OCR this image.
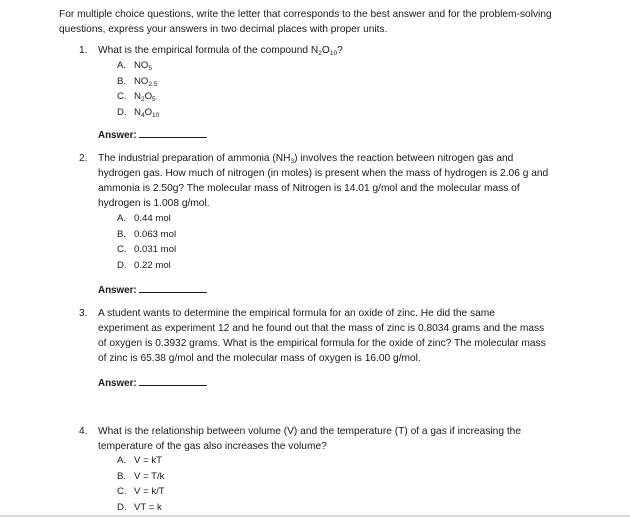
For multiple choice questions, write the letter that corresponds to the best answer and for the problem-solving questions, express your answers in two decimal places with proper units.
1. What is the empirical formula of the compound $N_2O_{10}$?
A. $NO_5$
B. $NO_{2.5}$
C. $N_2O_5$
D. $N_4O_{10}$
Answer:
2. The industrial preparation of ammonia $(NH_3)$ involves the reaction between nitrogen gas and hydrogen gas. How much of nitrogen (in moles) is present when the mass of hydrogen is 2.06 g and ammonia is 2.50g? The molecular mass of Nitrogen is 14.01 g/mol and the molecular mass of hydrogen is 1.008 g/mol.
A. 0.44 mol
B. 0.063 mol
C. 0.031 mol
D. 0.22 mol
Answer:
3. A student wants to determine the empirical formula for an oxide of zinc. He did the same experiment as experiment 12 and he found out that the mass of zinc is 0.8034 grams and the mass of oxygen is 0.3932 grams. What is the empirical formula for the oxide of zinc? The molecular mass of zinc is 65.38 g/mol and the molecular mass of oxygen is 16.00 g/mol.
Answer:
4. What is the relationship between volume (V) and the temperature (T) of a gas if increasing the temperature of the gas also increases the volume?
A. V = kT
B. V = T/k
C. V = k/T
D. VT = k
